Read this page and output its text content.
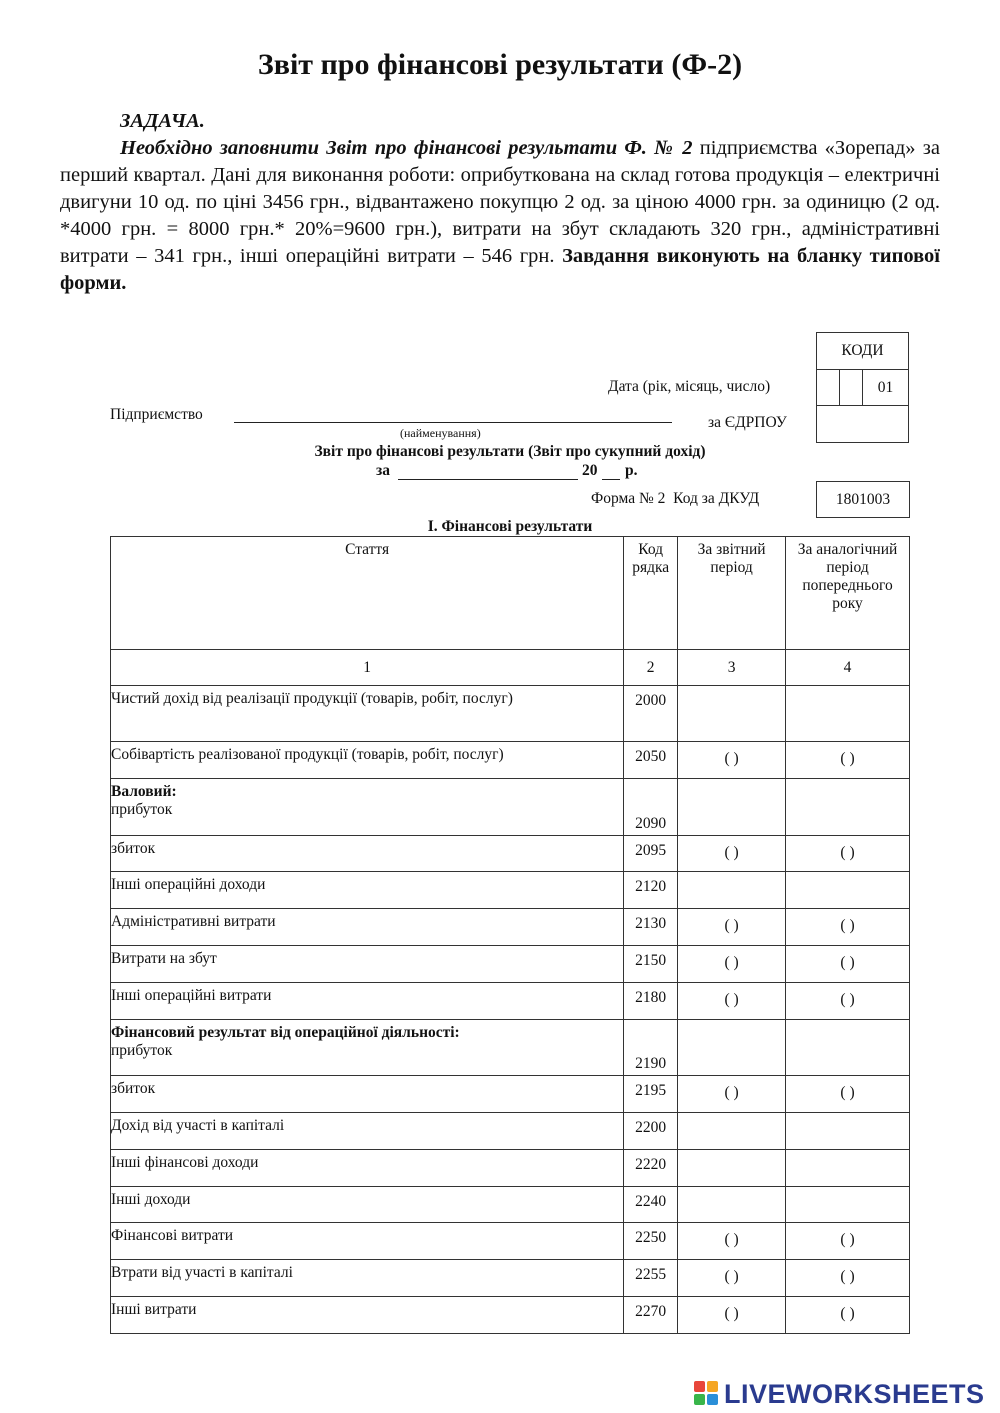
Звіт про фінансові результати (Ф-2)
ЗАДАЧА.

Необхідно заповнити Звіт про фінансові результати Ф. № 2 підприємства «Зорепад» за перший квартал. Дані для виконання роботи: оприбуткована на склад готова продукція – електричні двигуни 10 од. по ціні 3456 грн., відвантажено покупцю 2 од. за ціною 4000 грн. за одиницю (2 од. *4000 грн. = 8000 грн.* 20%=9600 грн.), витрати на збут складають 320 грн., адміністративні витрати – 341 грн., інші операційні витрати – 546 грн. Завдання виконують на бланку типової форми.

КОДИ
		01

Дата (рік, місяць, число)
Підприємство
(найменування)
за ЄДРПОУ
Звіт про фінансові результати (Звіт про сукупний дохід)
за	20 р.
Форма № 2  Код за ДКУД	1801003
І. Фінансові результати
Стаття	Код рядка	За звітний період	За аналогічний період попереднього року
1	2	3	4
Чистий дохід від реалізації продукції (товарів, робіт, послуг)	2000		
Собівартість реалізованої продукції (товарів, робіт, послуг)	2050	( )	( )
Валовий:
прибуток	2090		
збиток	2095	( )	( )
Інші операційні доходи	2120		
Адміністративні витрати	2130	( )	( )
Витрати на збут	2150	( )	( )
Інші операційні витрати	2180	( )	( )
Фінансовий результат від операційної діяльності:
прибуток	2190		
збиток	2195	( )	( )
Дохід від участі в капіталі	2200		
Інші фінансові доходи	2220		
Інші доходи	2240		
Фінансові витрати	2250	( )	( )
Втрати від участі в капіталі	2255	( )	( )
Інші витрати	2270	( )	( )
LIVEWORKSHEETS
